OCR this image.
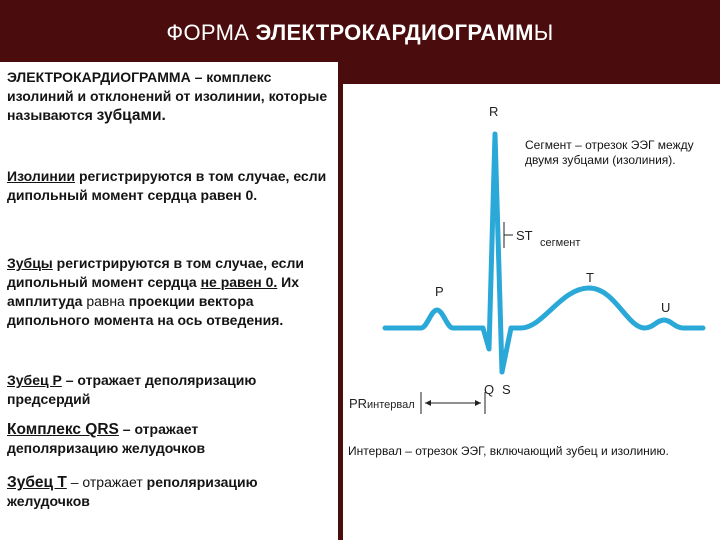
ФОРМА ЭЛЕКТРОКАРДИОГРАММЫ

ЭЛЕКТРОКАРДИОГРАММА – комплекс изолиний и отклонений от изолинии, которые называются зубцами.

Изолинии регистрируются в том случае, если дипольный момент сердца равен 0.

Зубцы регистрируются в том случае, если дипольный момент сердца не равен 0. Их амплитуда равна проекции вектора дипольного момента на ось отведения.

Зубец Р – отражает деполяризацию предсердий

Комплекс QRS – отражает
деполяризацию желудочков

Зубец Т – отражает реполяризацию желудочков

R
P
T
U
Q S
ST сегмент
PR интервал

Сегмент – отрезок ЭЭГ между двумя зубцами (изолиния).

Интервал – отрезок ЭЭГ, включающий зубец и изолинию.
